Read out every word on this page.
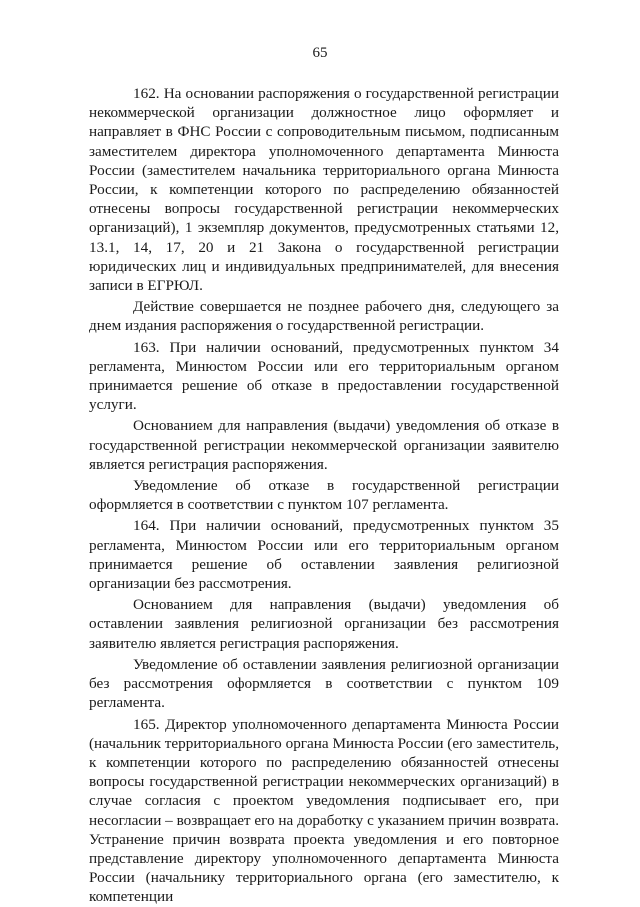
65

162. На основании распоряжения о государственной регистрации некоммерческой организации должностное лицо оформляет и направляет в ФНС России с сопроводительным письмом, подписанным заместителем директора уполномоченного департамента Минюста России (заместителем начальника территориального органа Минюста России, к компетенции которого по распределению обязанностей отнесены вопросы государственной регистрации некоммерческих организаций), 1 экземпляр документов, предусмотренных статьями 12, 13.1, 14, 17, 20 и 21 Закона о государственной регистрации юридических лиц и индивидуальных предпринимателей, для внесения записи в ЕГРЮЛ.

Действие совершается не позднее рабочего дня, следующего за днем издания распоряжения о государственной регистрации.

163. При наличии оснований, предусмотренных пунктом 34 регламента, Минюстом России или его территориальным органом принимается решение об отказе в предоставлении государственной услуги.

Основанием для направления (выдачи) уведомления об отказе в государственной регистрации некоммерческой организации заявителю является регистрация распоряжения.

Уведомление об отказе в государственной регистрации оформляется в соответствии с пунктом 107 регламента.

164. При наличии оснований, предусмотренных пунктом 35 регламента, Минюстом России или его территориальным органом принимается решение об оставлении заявления религиозной организации без рассмотрения.

Основанием для направления (выдачи) уведомления об оставлении заявления религиозной организации без рассмотрения заявителю является регистрация распоряжения.

Уведомление об оставлении заявления религиозной организации без рассмотрения оформляется в соответствии с пунктом 109 регламента.

165. Директор уполномоченного департамента Минюста России (начальник территориального органа Минюста России (его заместитель, к компетенции которого по распределению обязанностей отнесены вопросы государственной регистрации некоммерческих организаций) в случае согласия с проектом уведомления подписывает его, при несогласии – возвращает его на доработку с указанием причин возврата. Устранение причин возврата проекта уведомления и его повторное представление директору уполномоченного департамента Минюста России (начальнику территориального органа (его заместителю, к компетенции
